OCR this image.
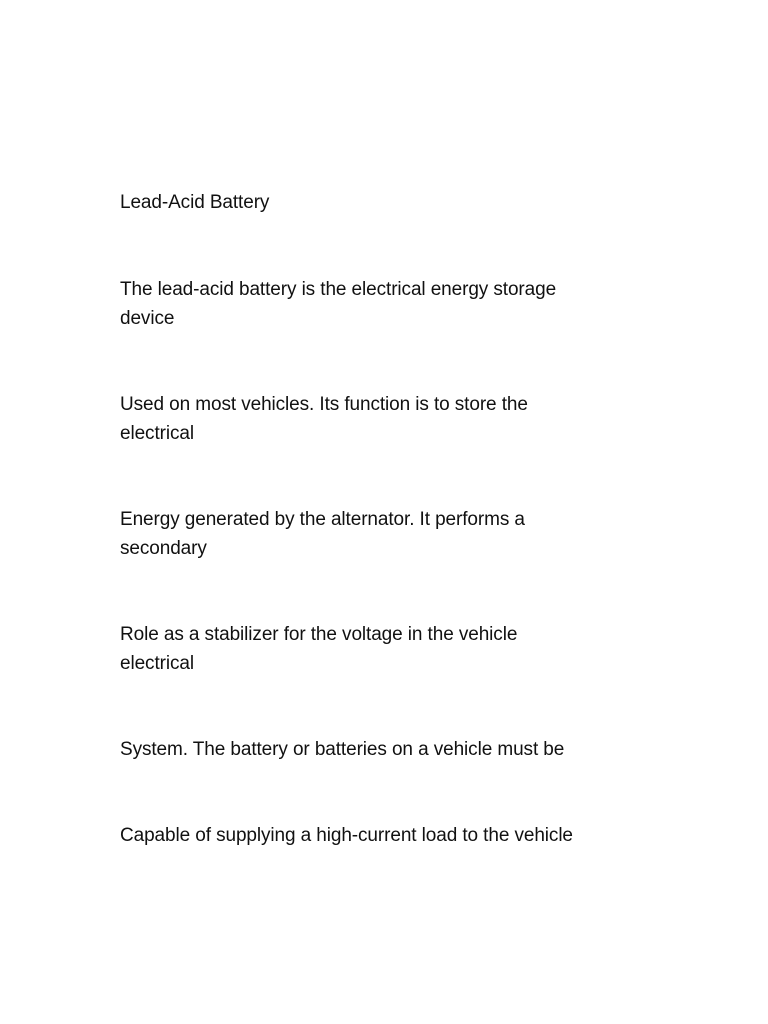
Lead-Acid Battery

The lead-acid battery is the electrical energy storage device

Used on most vehicles. Its function is to store the electrical

Energy generated by the alternator. It performs a secondary

Role as a stabilizer for the voltage in the vehicle electrical

System. The battery or batteries on a vehicle must be

Capable of supplying a high-current load to the vehicle
